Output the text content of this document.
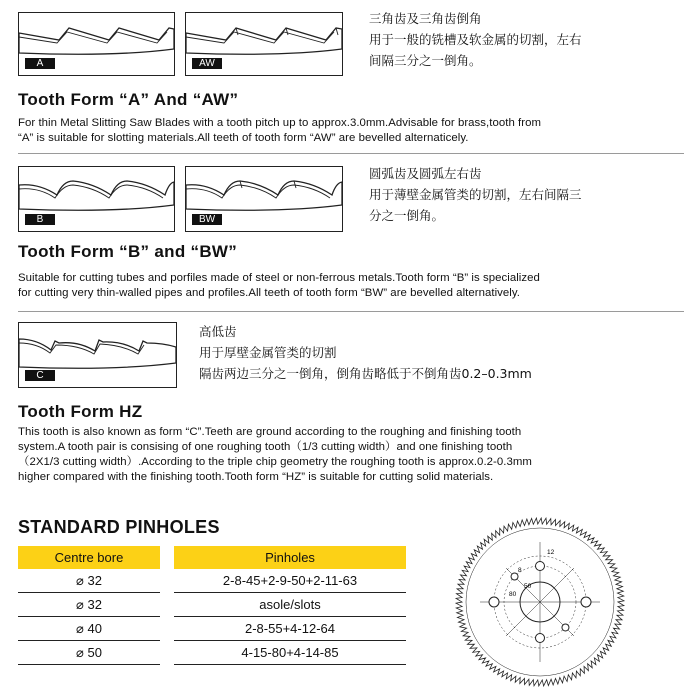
A	AW
三角齿及三角齿倒角
用于一般的铣槽及软金属的切割，左右
间隔三分之一倒角。
Tooth Form “A” And “AW”
For thin Metal Slitting Saw Blades with a tooth pitch up to approx.3.0mm.Advisable for brass,tooth from
“A” is suitable for slotting materials.All teeth of tooth form “AW” are bevelled alternaticely.
B	BW
圆弧齿及圆弧左右齿
用于薄壁金属管类的切割，左右间隔三
分之一倒角。
Tooth Form “B” and “BW”
Suitable for cutting tubes and porfiles made of steel or non-ferrous metals.Tooth form “B” is specialized
for cutting very thin-walled pipes and profiles.All teeth of tooth form “BW” are bevelled alternatively.
C
高低齿
用于厚壁金属管类的切割
隔齿两边三分之一倒角，倒角齿略低于不倒角齿0.2–0.3mm
Tooth Form HZ
This tooth is also known as form “C”.Teeth are ground according to the roughing and finishing tooth
system.A tooth pair is consising of one roughing tooth（1/3 cutting width）and one finishing tooth
（2X1/3 cutting width）.According to the triple chip geometry the roughing tooth is approx.0.2-0.3mm
higher compared with the finishing tooth.Tooth form “HZ” is suitable for cutting solid materials.
STANDARD PINHOLES
Centre bore		Pinholes
⌀ 32		2-8-45+2-9-50+2-11-63
⌀ 32		asole/slots
⌀ 40		2-8-55+4-12-64
⌀ 50		4-15-80+4-14-85
12
8
50
80
